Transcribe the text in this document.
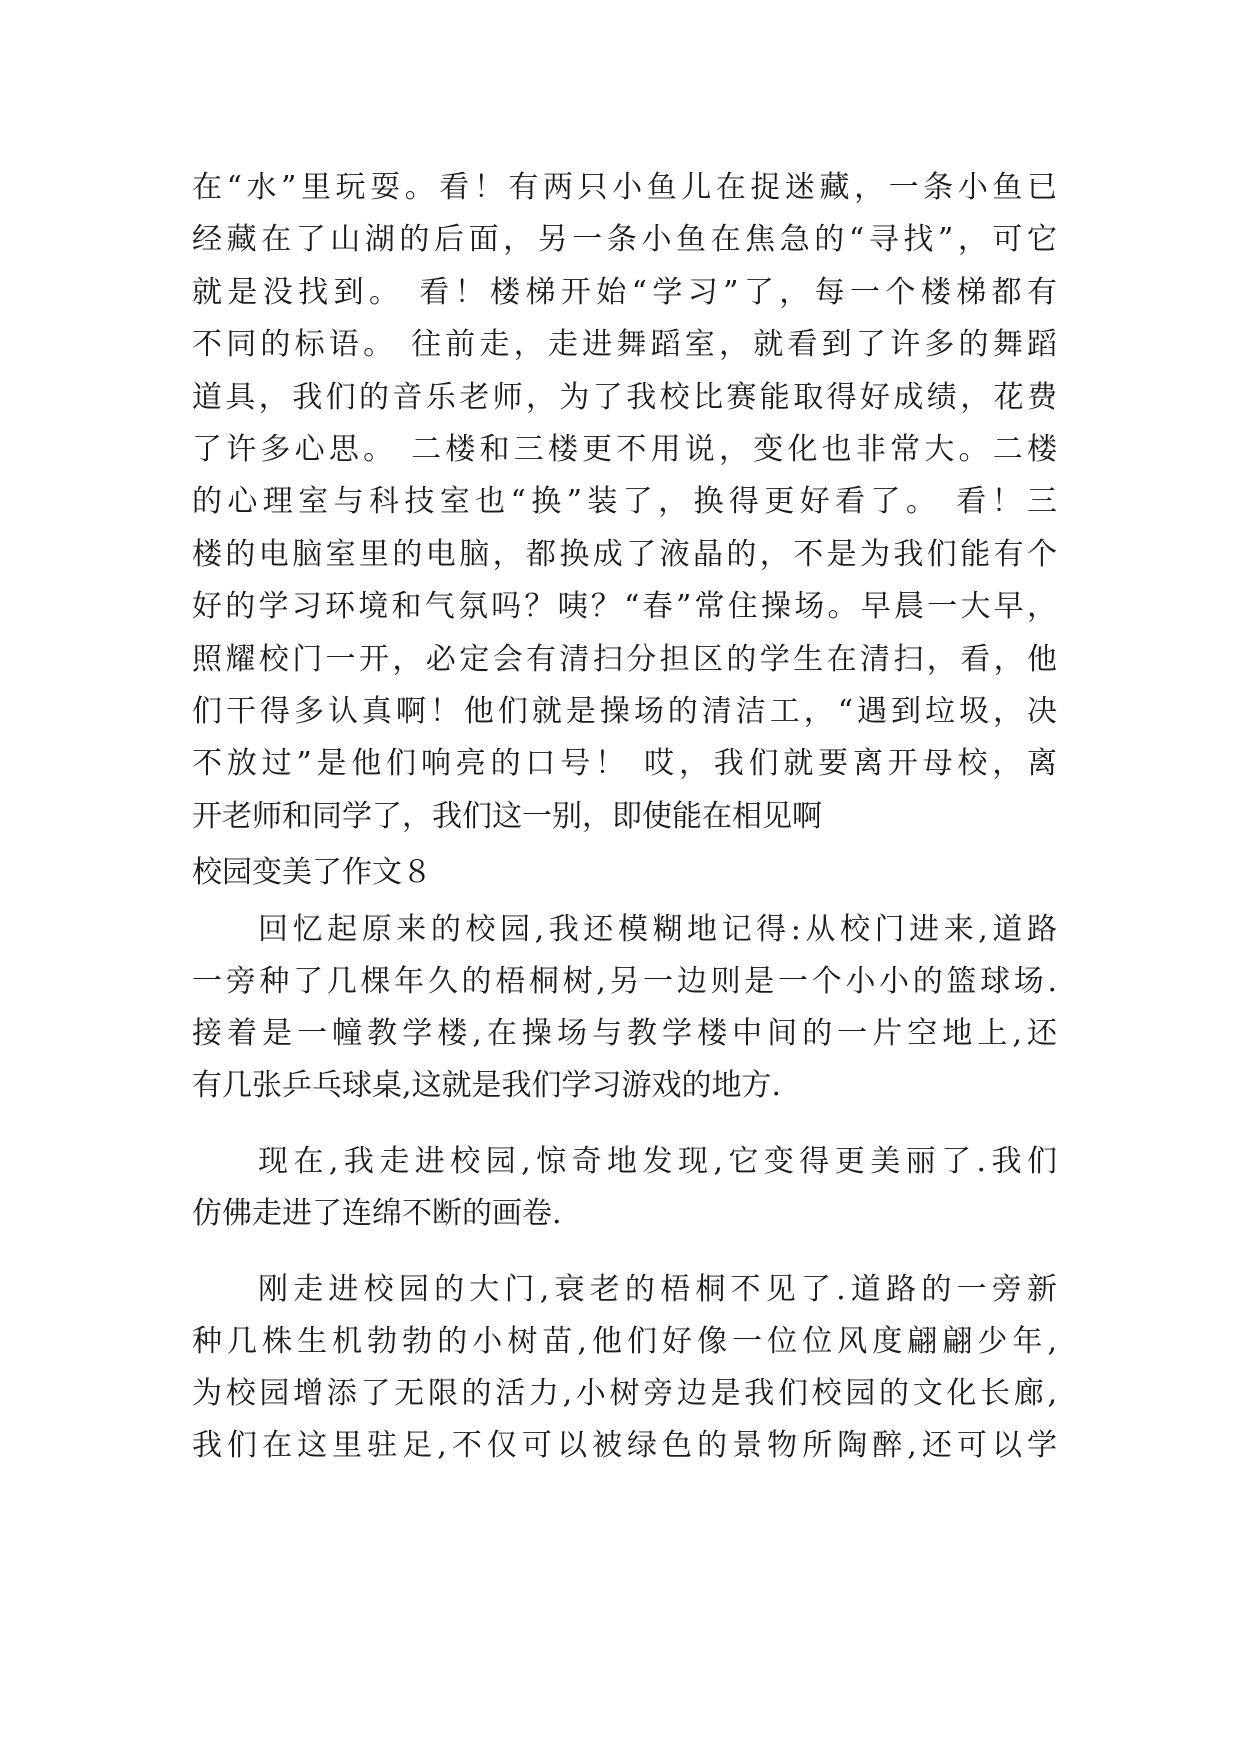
在“水”里玩耍。看！有两只小鱼儿在捉迷藏，一条小鱼已
经藏在了山湖的后面，另一条小鱼在焦急的“寻找”，可它
就是没找到。 看！楼梯开始“学习”了，每一个楼梯都有
不同的标语。 往前走，走进舞蹈室，就看到了许多的舞蹈
道具，我们的音乐老师，为了我校比赛能取得好成绩，花费
了许多心思。 二楼和三楼更不用说，变化也非常大。二楼
的心理室与科技室也“换”装了，换得更好看了。 看！三
楼的电脑室里的电脑，都换成了液晶的，不是为我们能有个
好的学习环境和气氛吗？咦？“春”常住操场。早晨一大早，
照耀校门一开，必定会有清扫分担区的学生在清扫，看，他
们干得多认真啊！他们就是操场的清洁工，“遇到垃圾，决
不放过”是他们响亮的口号！ 哎，我们就要离开母校，离
开老师和同学了，我们这一别，即使能在相见啊
校园变美了作文８
回忆起原来的校园,我还模糊地记得:从校门进来,道路
一旁种了几棵年久的梧桐树,另一边则是一个小小的篮球场.
接着是一幢教学楼,在操场与教学楼中间的一片空地上,还
有几张乒乓球桌,这就是我们学习游戏的地方.
现在,我走进校园,惊奇地发现,它变得更美丽了.我们
仿佛走进了连绵不断的画卷.
刚走进校园的大门,衰老的梧桐不见了.道路的一旁新
种几株生机勃勃的小树苗,他们好像一位位风度翩翩少年,
为校园增添了无限的活力,小树旁边是我们校园的文化长廊,
我们在这里驻足,不仅可以被绿色的景物所陶醉,还可以学
